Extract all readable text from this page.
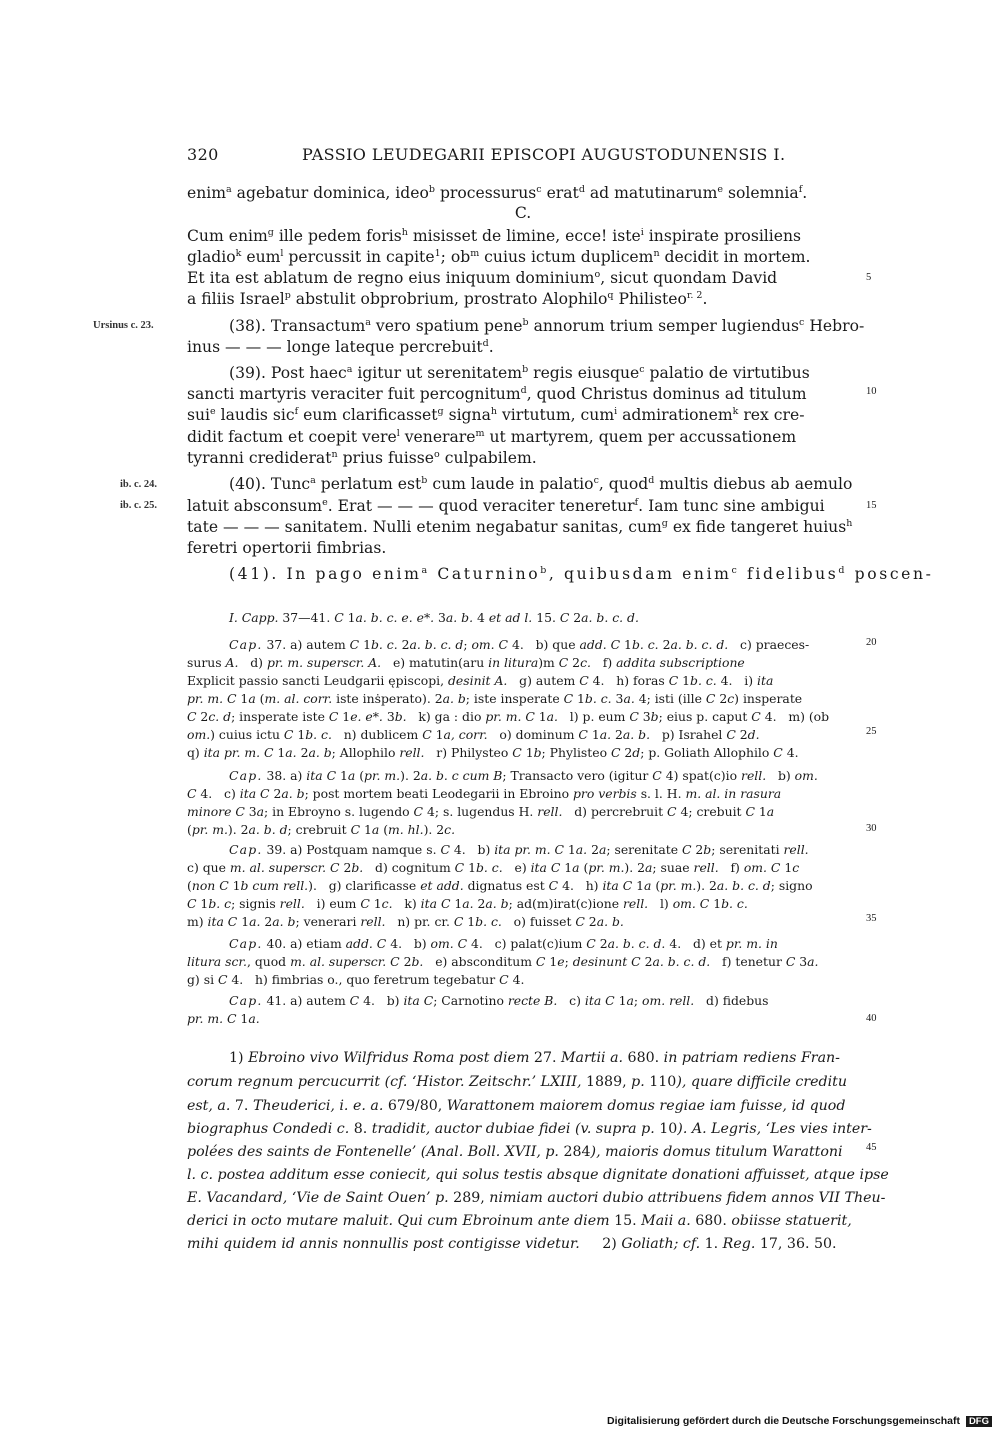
320	PASSIO LEUDEGARII EPISCOPI AUGUSTODUNENSIS I.
enim$^a$ agebatur dominica, ideo$^b$ processurus$^c$ erat$^d$ ad matutinarum$^e$ solemnia$^f$.
C.
Cum enim$^g$ ille pedem foris$^h$ misisset de limine, ecce! iste$^i$ inspirate prosiliens
gladio$^k$ eum$^l$ percussit in capite$^1$; $ob^m$ cuius ictum duplicem$^n$ decidit in mortem.
Et ita est ablatum de regno eius iniquum dominium$^o$, sicut quondam David
a filiis Israel$^p$ abstulit obprobrium, prostrato Alophilo$^q$ Philisteo$^{r. 2}$.
(38). Transactum$^a$ vero spatium pene$^b$ annorum trium semper lugiendus$^c$ Hebro-
inus — — — longe lateque percrebuit$^d$.
(39). Post haec$^a$ igitur ut serenitatem$^b$ regis eiusque$^c$ palatio de virtutibus
sancti martyris veraciter fuit percognitum$^d$, quod Christus dominus ad titulum
sui$^e$ laudis sic$^f$ eum clarificasset$^g$ signa$^h$ virtutum, cum$^i$ admirationem$^k$ rex cre-
didit factum et coepit vere$^l$ venerare$^m$ ut martyrem, quem per accussationem
tyranni crediderat$^n$ prius fuisse$^o$ culpabilem.
(40). Tunc$^a$ perlatum est$^b$ cum laude in palatio$^c$, quod$^d$ multis diebus ab aemulo
latuit absconsum$^e$. Erat — — — quod veraciter teneretur$^f$. Iam tunc sine ambigui
tate — — — sanitatem. Nulli etenim negabatur sanitas, cum$^g$ ex fide tangeret huius$^h$
feretri opertorii fimbrias.
(41). In pago enim$^a$ Caturnino$^b$, quibusdam enim$^c$ fidelibus$^d$ poscen-
Ursinus c. 23.
ib. c. 24.
ib. c. 25.
5
10
15
20
25
30
35
40
45
I. Capp. 37—41. C 1a. b. c. e. e*. 3a. b. 4 et ad l. 15. C 2a. b. c. d.
Cap. 37. a) autem C 1b. c. 2a. b. c. d; om. C 4.   b) que add. C 1b. c. 2a. b. c. d.   c) praeces-
surus A.   d) pr. m. superscr. A.   e) matutin(aru in litura)m C 2c.   f) addita subscriptione
Explicit passio sancti Leudgarii ępiscopi, desinit A.   g) autem C 4.   h) foras C 1b. c. 4.   i) ita
pr. m. C 1a (m. al. corr. iste inṡperato). 2a. b; iste insperate C 1b. c. 3a. 4; isti (ille C 2c) insperate
C 2c. d; insperate iste C 1e. e*. 3b.   k) ga : dio pr. m. C 1a.   l) p. eum C 3b; eius p. caput C 4.   m) (ob
om.) cuius ictu C 1b. c.   n) dublicem C 1a, corr.   o) dominum C 1a. 2a. b.   p) Israhel C 2d.
q) ita pr. m. C 1a. 2a. b; Allophilo rell.   r) Philysteo C 1b; Phylisteo C 2d; p. Goliath Allophilo C 4.
Cap. 38. a) ita C 1a (pr. m.). 2a. b. c cum B; Transacto vero (igitur C 4) spat(c)io rell.   b) om.
C 4.   c) ita C 2a. b; post mortem beati Leodegarii in Ebroino pro verbis s. l. H. m. al. in rasura
minore C 3a; in Ebroyno s. lugendo C 4; s. lugendus H. rell.   d) percrebruit C 4; crebuit C 1a
(pr. m.). 2a. b. d; crebruit C 1a (m. hl.). 2c.
Cap. 39. a) Postquam namque s. C 4.   b) ita pr. m. C 1a. 2a; serenitate C 2b; serenitati rell.
c) que m. al. superscr. C 2b.   d) cognitum C 1b. c.   e) ita C 1a (pr. m.). 2a; suae rell.   f) om. C 1c
(non C 1b cum rell.).   g) clarificasse et add. dignatus est C 4.   h) ita C 1a (pr. m.). 2a. b. c. d; signo
C 1b. c; signis rell.   i) eum C 1c.   k) ita C 1a. 2a. b; ad(m)irat(c)ione rell.   l) om. C 1b. c.
m) ita C 1a. 2a. b; venerari rell.   n) pr. cr. C 1b. c.   o) fuisset C 2a. b.
Cap. 40. a) etiam add. C 4.   b) om. C 4.   c) palat(c)ium C 2a. b. c. d. 4.   d) et pr. m. in
litura scr., quod m. al. superscr. C 2b.   e) absconditum C 1e; desinunt C 2a. b. c. d.   f) tenetur C 3a.
g) si C 4.   h) fimbrias o., quo feretrum tegebatur C 4.
Cap. 41. a) autem C 4.   b) ita C; Carnotino recte B.   c) ita C 1a; om. rell.   d) fidebus
pr. m. C 1a.
1) Ebroino vivo Wilfridus Roma post diem 27. Martii a. 680. in patriam rediens Fran-
corum regnum percucurrit (cf. ‘Histor. Zeitschr.’ LXIII, 1889, p. 110), quare difficile creditu
est, a. 7. Theuderici, i. e. a. 679/80, Warattonem maiorem domus regiae iam fuisse, id quod
biographus Condedi c. 8. tradidit, auctor dubiae fidei (v. supra p. 10). A. Legris, ‘Les vies inter-
polées des saints de Fontenelle’ (Anal. Boll. XVII, p. 284), maioris domus titulum Warattoni
l. c. postea additum esse coniecit, qui solus testis absque dignitate donationi affuisset, atque ipse
E. Vacandard, ‘Vie de Saint Ouen’ p. 289, nimiam auctori dubio attribuens fidem annos VII Theu-
derici in octo mutare maluit. Qui cum Ebroinum ante diem 15. Maii a. 680. obiisse statuerit,
mihi quidem id annis nonnullis post contigisse videtur.     2) Goliath; cf. 1. Reg. 17, 36. 50.
Digitalisierung gefördert durch die Deutsche Forschungsgemeinschaft DFG
